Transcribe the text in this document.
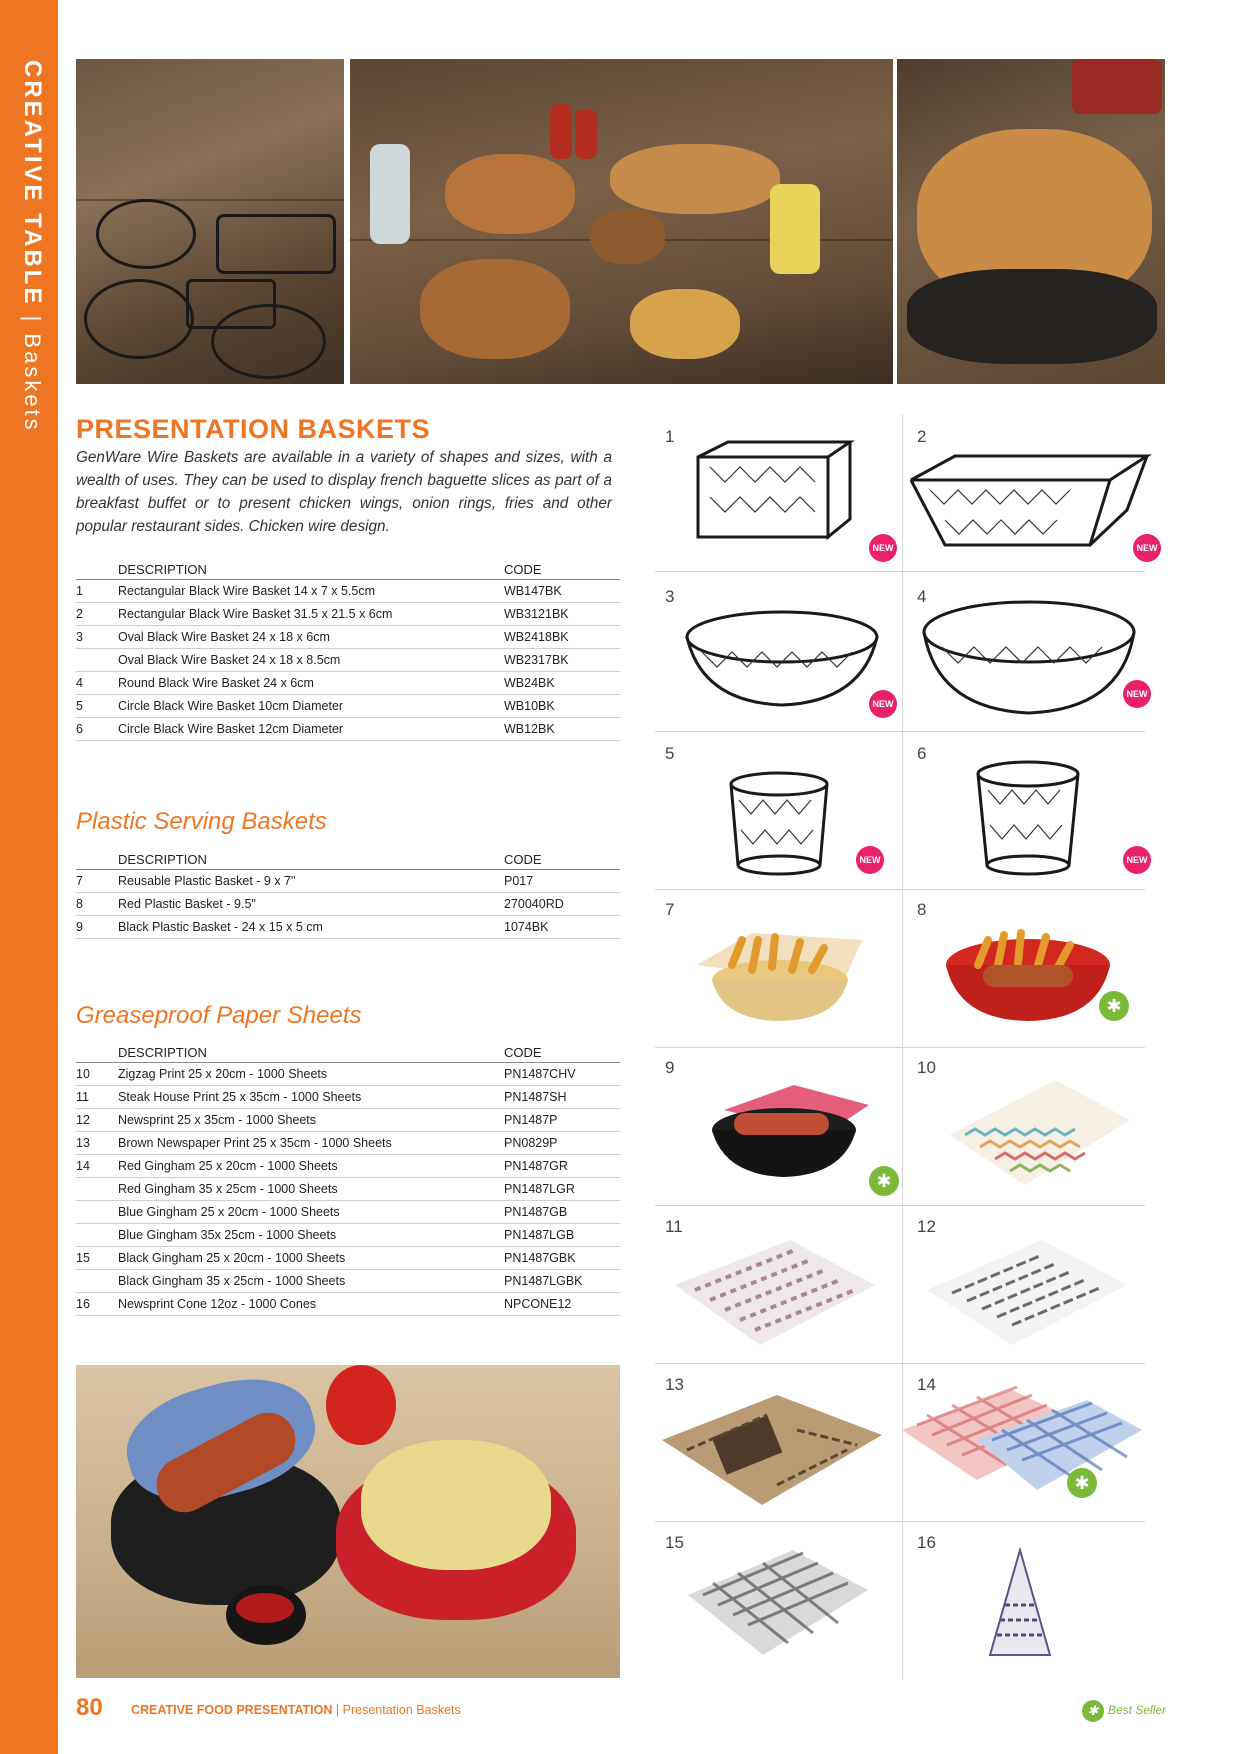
CREATIVE TABLE | Baskets PRESENTATION BASKETS
GenWare Wire Baskets are available in a variety of shapes and sizes, with a wealth of uses. They can be used to display french baguette slices as part of a breakfast buffet or to present chicken wings, onion rings, fries and other popular restaurant sides. Chicken wire design.
DESCRIPTION	CODE
1	Rectangular Black Wire Basket 14 x 7 x 5.5cm	WB147BK
2	Rectangular Black Wire Basket 31.5 x 21.5 x 6cm	WB3121BK
3	Oval Black Wire Basket 24 x 18 x 6cm	WB2418BK
Oval Black Wire Basket 24 x 18 x 8.5cm	WB2317BK
4	Round Black Wire Basket 24 x 6cm	WB24BK
5	Circle Black Wire Basket 10cm Diameter	WB10BK
6	Circle Black Wire Basket 12cm Diameter	WB12BK
Plastic Serving Baskets
DESCRIPTION	CODE
7	Reusable Plastic Basket - 9 x 7"	P017
8	Red Plastic Basket - 9.5"	270040RD
9	Black Plastic Basket - 24 x 15 x 5 cm	1074BK
Greaseproof Paper Sheets
DESCRIPTION	CODE
10 Zigzag Print 25 x 20cm - 1000 Sheets	PN1487CHV
11 Steak House Print 25 x 35cm - 1000 Sheets	PN1487SH
12 Newsprint 25 x 35cm - 1000 Sheets	PN1487P
13 Brown Newspaper Print 25 x 35cm - 1000 Sheets	PN0829P
14 Red Gingham 25 x 20cm - 1000 Sheets	PN1487GR
Red Gingham 35 x 25cm - 1000 Sheets	PN1487LGR
Blue Gingham 25 x 20cm - 1000 Sheets	PN1487GB
Blue Gingham 35x 25cm - 1000 Sheets	PN1487LGB
15 Black Gingham 25 x 20cm - 1000 Sheets	PN1487GBK
Black Gingham 35 x 25cm - 1000 Sheets	PN1487LGBK
16 Newsprint Cone 12oz - 1000 Cones	NPCONE12
1
NEW
2
NEW
3
NEW
4
NEW
5
NEW
6
NEW
7	8
✱
9
✱	10
11	12
13	14
✱
15	16
80 CREATIVE FOOD PRESENTATION | Presentation Baskets ✱	Best Seller
